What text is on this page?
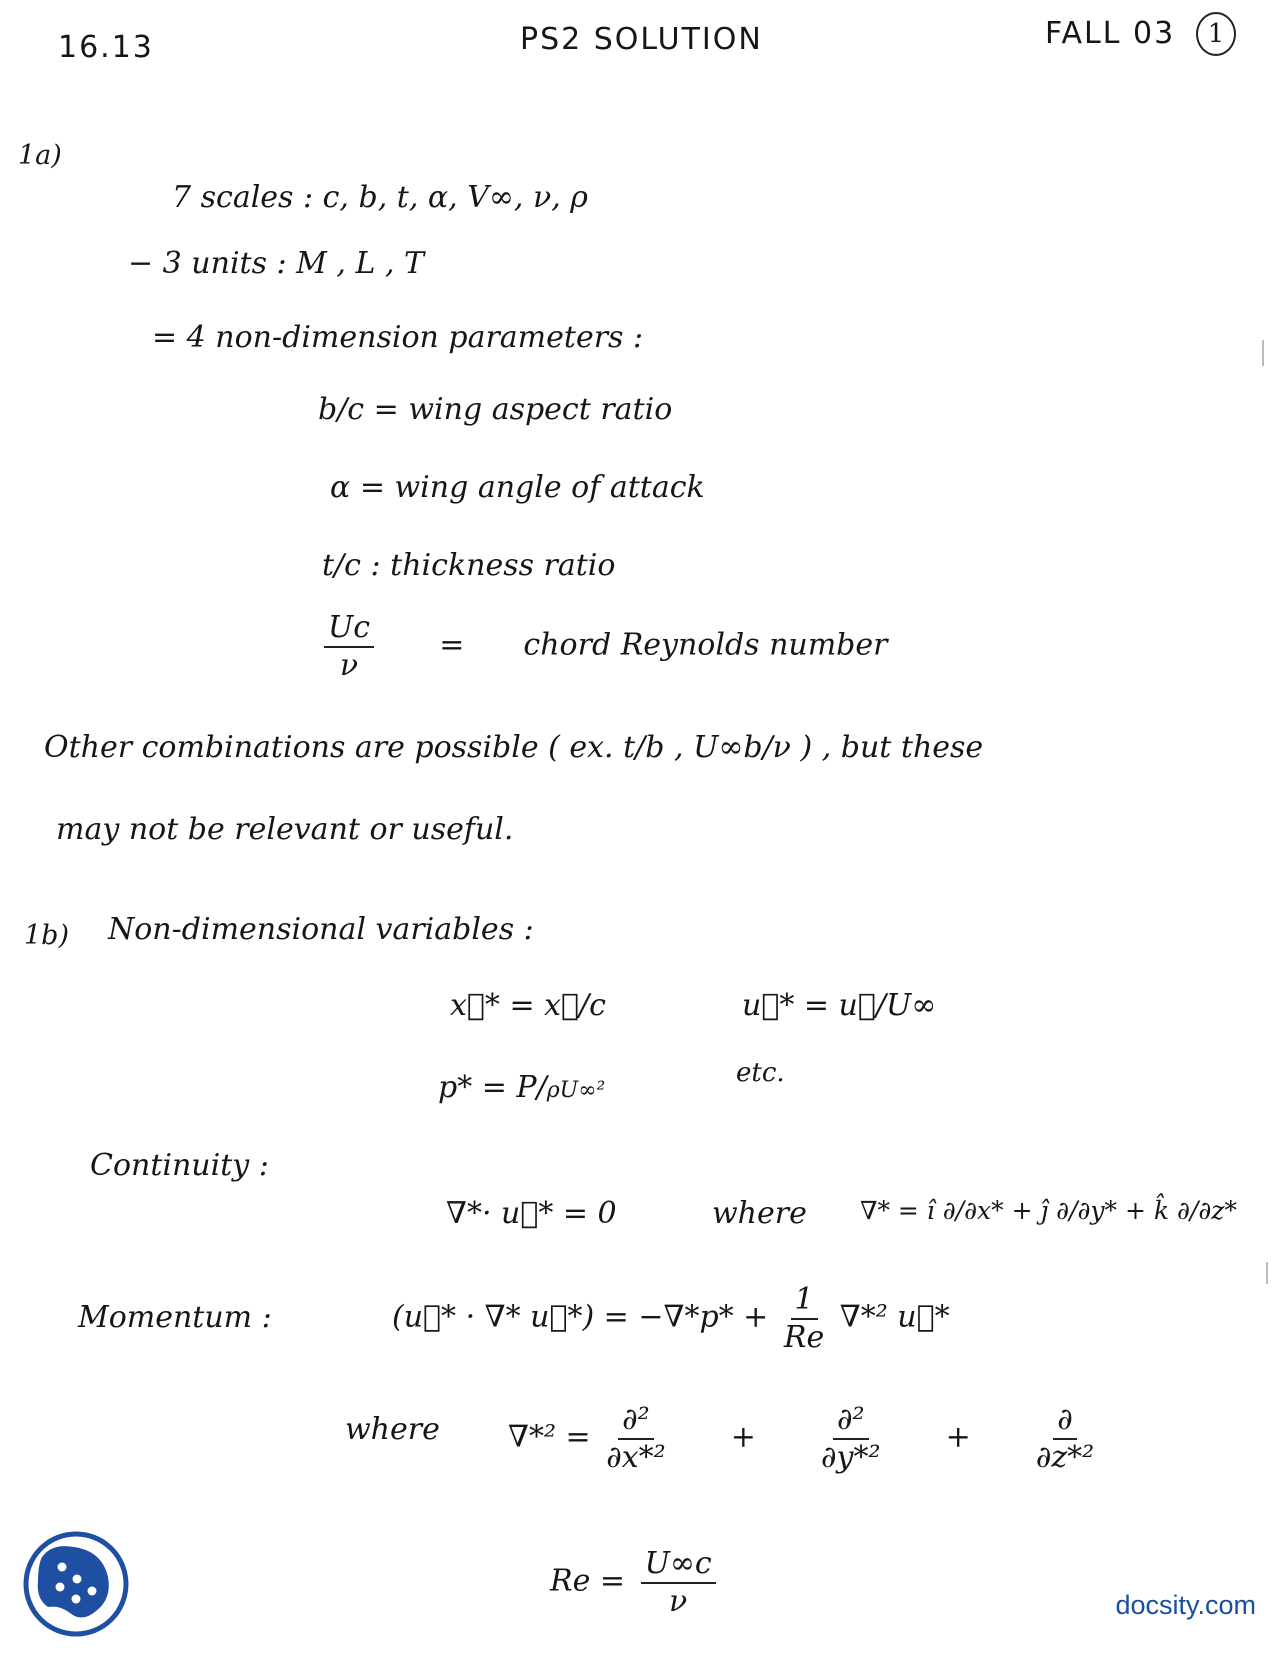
16.13	PS2 SOLUTION	FALL 03	1
1a)
7 scales : c, b, t, α, V∞, ν, ρ
− 3 units : M , L , T
= 4 non-dimension parameters :
b/c = wing aspect ratio
α = wing angle of attack
t/c : thickness ratio
$\frac{Uc}{\nu}$ = chord Reynolds number
Other combinations are possible ( ex. t/b , U∞b/ν ) , but these
may not be relevant or useful.
1b) Non-dimensional variables :
x⃗* = x⃗/c	u⃗* = u⃗/U∞
p* = P/ρU∞²
etc.
Continuity :
∇*· u⃗* = 0	where ∇* = î ∂/∂x* + ĵ ∂/∂y* + k̂ ∂/∂z*
Momentum :	(u⃗* · ∇* u⃗*) = $-\nabla*p* + \frac{1}{Re} \nabla*^2$ u⃗*
where $\nabla*^2 = \frac{\text{∂²}}{\text{∂x*²}} + \frac{\text{∂²}}{\text{∂y*²}} + \frac{\partial}{\text{∂z*²}}$
$Re = \frac{U\infty c}{\nu}$	docsity.com
